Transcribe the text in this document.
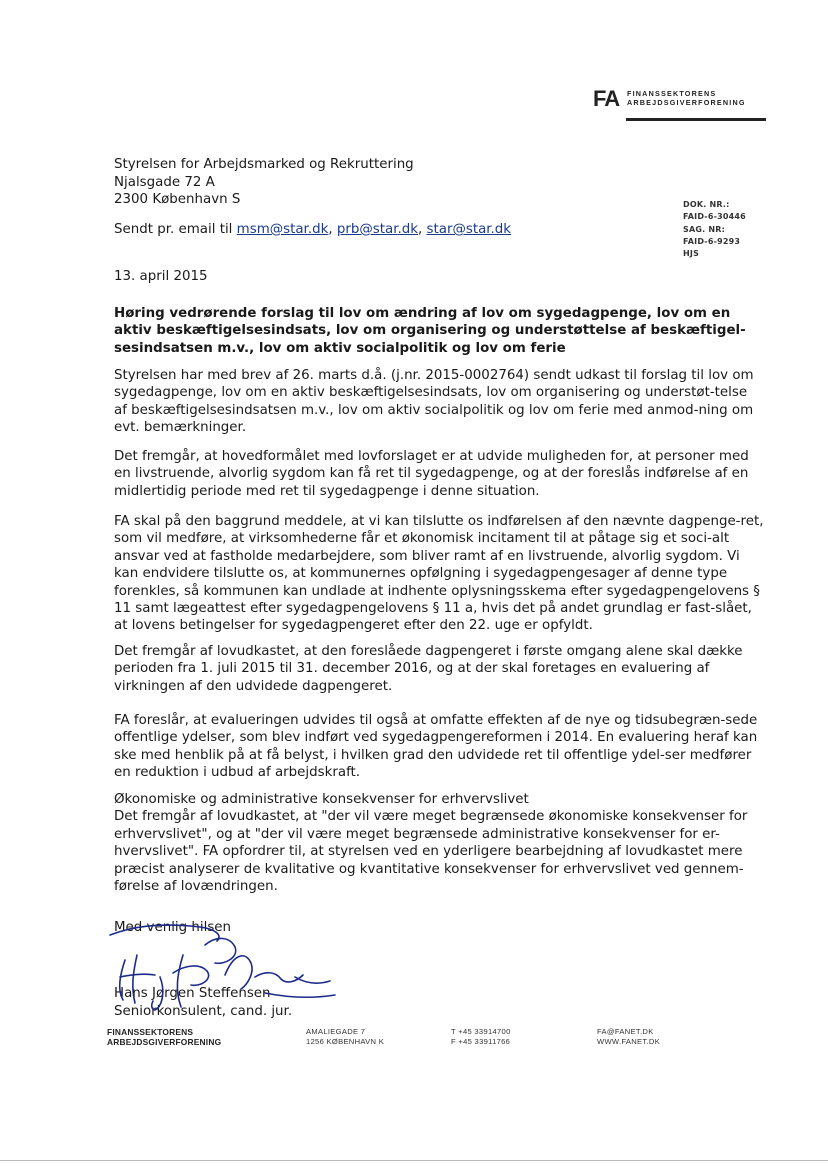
FA FINANSSEKTORENS
ARBEJDSGIVERFORENING
Styrelsen for Arbejdsmarked og Rekruttering
Njalsgade 72 A
2300 København S
Sendt pr. email til msm@star.dk, prb@star.dk, star@star.dk
DOK. NR.:
FAID-6-30446
SAG. NR:
FAID-6-9293
HJS
13. april 2015
Høring vedrørende forslag til lov om ændring af lov om sygedagpenge, lov om en aktiv beskæftigelsesindsats, lov om organisering og understøttelse af beskæftigel-sesindsatsen m.v., lov om aktiv socialpolitik og lov om ferie

Styrelsen har med brev af 26. marts d.å. (j.nr. 2015-0002764) sendt udkast til forslag til lov om sygedagpenge, lov om en aktiv beskæftigelsesindsats, lov om organisering og understøt-telse af beskæftigelsesindsatsen m.v., lov om aktiv socialpolitik og lov om ferie med anmod-ning om evt. bemærkninger.

Det fremgår, at hovedformålet med lovforslaget er at udvide muligheden for, at personer med en livstruende, alvorlig sygdom kan få ret til sygedagpenge, og at der foreslås indførelse af en midlertidig periode med ret til sygedagpenge i denne situation.

FA skal på den baggrund meddele, at vi kan tilslutte os indførelsen af den nævnte dagpenge-ret, som vil medføre, at virksomhederne får et økonomisk incitament til at påtage sig et soci-alt ansvar ved at fastholde medarbejdere, som bliver ramt af en livstruende, alvorlig sygdom. Vi kan endvidere tilslutte os, at kommunernes opfølgning i sygedagpengesager af denne type forenkles, så kommunen kan undlade at indhente oplysningsskema efter sygedagpengelovens § 11 samt lægeattest efter sygedagpengelovens § 11 a, hvis det på andet grundlag er fast-slået, at lovens betingelser for sygedagpengeret efter den 22. uge er opfyldt.

Det fremgår af lovudkastet, at den foreslåede dagpengeret i første omgang alene skal dække perioden fra 1. juli 2015 til 31. december 2016, og at der skal foretages en evaluering af virkningen af den udvidede dagpengeret.

FA foreslår, at evalueringen udvides til også at omfatte effekten af de nye og tidsubegræn-sede offentlige ydelser, som blev indført ved sygedagpengereformen i 2014. En evaluering heraf kan ske med henblik på at få belyst, i hvilken grad den udvidede ret til offentlige ydel-ser medfører en reduktion i udbud af arbejdskraft.

Økonomiske og administrative konsekvenser for erhvervslivet

Det fremgår af lovudkastet, at "der vil være meget begrænsede økonomiske konsekvenser for erhvervslivet", og at "der vil være meget begrænsede administrative konsekvenser for er-hvervslivet". FA opfordrer til, at styrelsen ved en yderligere bearbejdning af lovudkastet mere præcist analyserer de kvalitative og kvantitative konsekvenser for erhvervslivet ved gennem-førelse af lovændringen.

Med venlig hilsen
Hans Jørgen Steffensen
Seniorkonsulent, cand. jur.
FINANSSEKTORENS
ARBEJDSGIVERFORENING
AMALIEGADE 7
1256 KØBENHAVN K
T +45 33914700
F +45 33911766
FA@FANET.DK
WWW.FANET.DK
